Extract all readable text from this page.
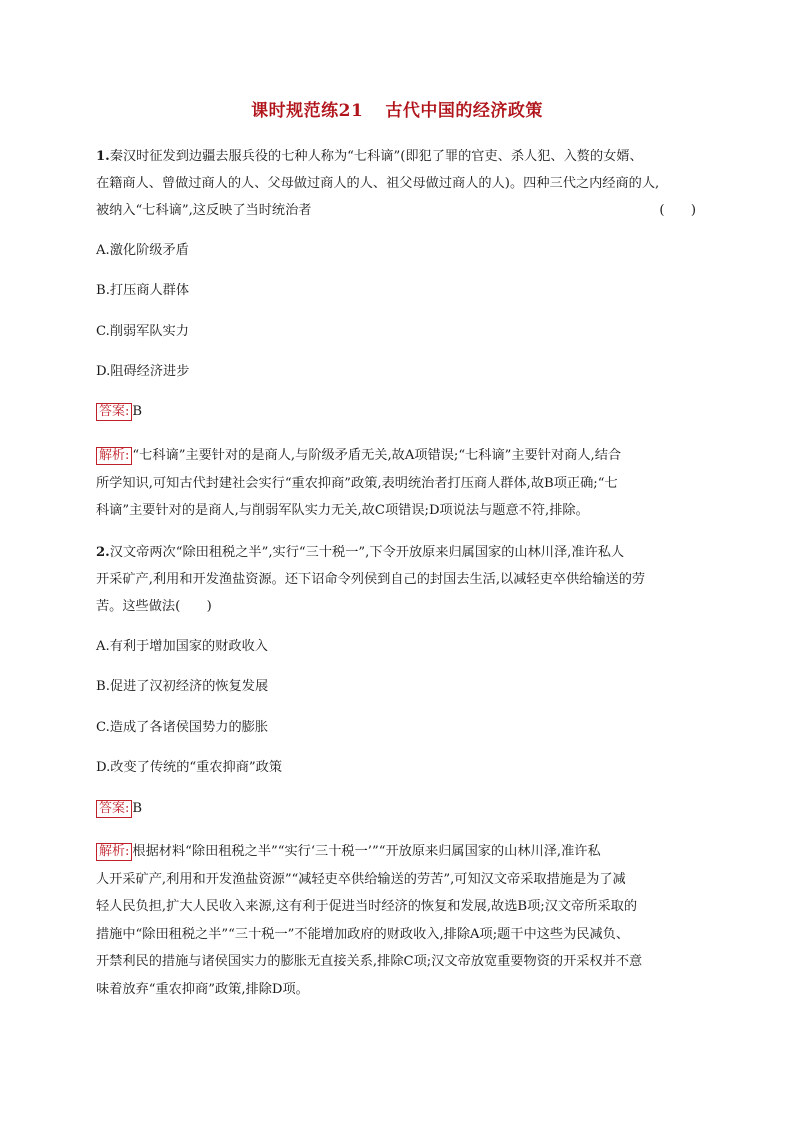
课时规范练21 古代中国的经济政策

1.秦汉时征发到边疆去服兵役的七种人称为“七科谪”(即犯了罪的官吏、杀人犯、入赘的女婿、

在籍商人、曾做过商人的人、父母做过商人的人、祖父母做过商人的人)。四种三代之内经商的人,

被纳入“七科谪”,这反映了当时统治者	(　　)

A.激化阶级矛盾
B.打压商人群体
C.削弱军队实力
D.阻碍经济进步
答案: B

解析: “七科谪”主要针对的是商人,与阶级矛盾无关,故A项错误;“七科谪”主要针对商人,结合

所学知识,可知古代封建社会实行“重农抑商”政策,表明统治者打压商人群体,故B项正确;“七

科谪”主要针对的是商人,与削弱军队实力无关,故C项错误;D项说法与题意不符,排除。

2.汉文帝两次“除田租税之半”,实行“三十税一”,下令开放原来归属国家的山林川泽,准许私人

开采矿产,利用和开发渔盐资源。还下诏命令列侯到自己的封国去生活,以减轻吏卒供给输送的劳

苦。这些做法(　　)

A.有利于增加国家的财政收入
B.促进了汉初经济的恢复发展
C.造成了各诸侯国势力的膨胀
D.改变了传统的“重农抑商”政策
答案: B

解析: 根据材料“除田租税之半”“实行‘三十税一’”“开放原来归属国家的山林川泽,准许私

人开采矿产,利用和开发渔盐资源”“减轻吏卒供给输送的劳苦”,可知汉文帝采取措施是为了减

轻人民负担,扩大人民收入来源,这有利于促进当时经济的恢复和发展,故选B项;汉文帝所采取的

措施中“除田租税之半”“三十税一”不能增加政府的财政收入,排除A项;题干中这些为民减负、

开禁利民的措施与诸侯国实力的膨胀无直接关系,排除C项;汉文帝放宽重要物资的开采权并不意

味着放弃“重农抑商”政策,排除D项。
